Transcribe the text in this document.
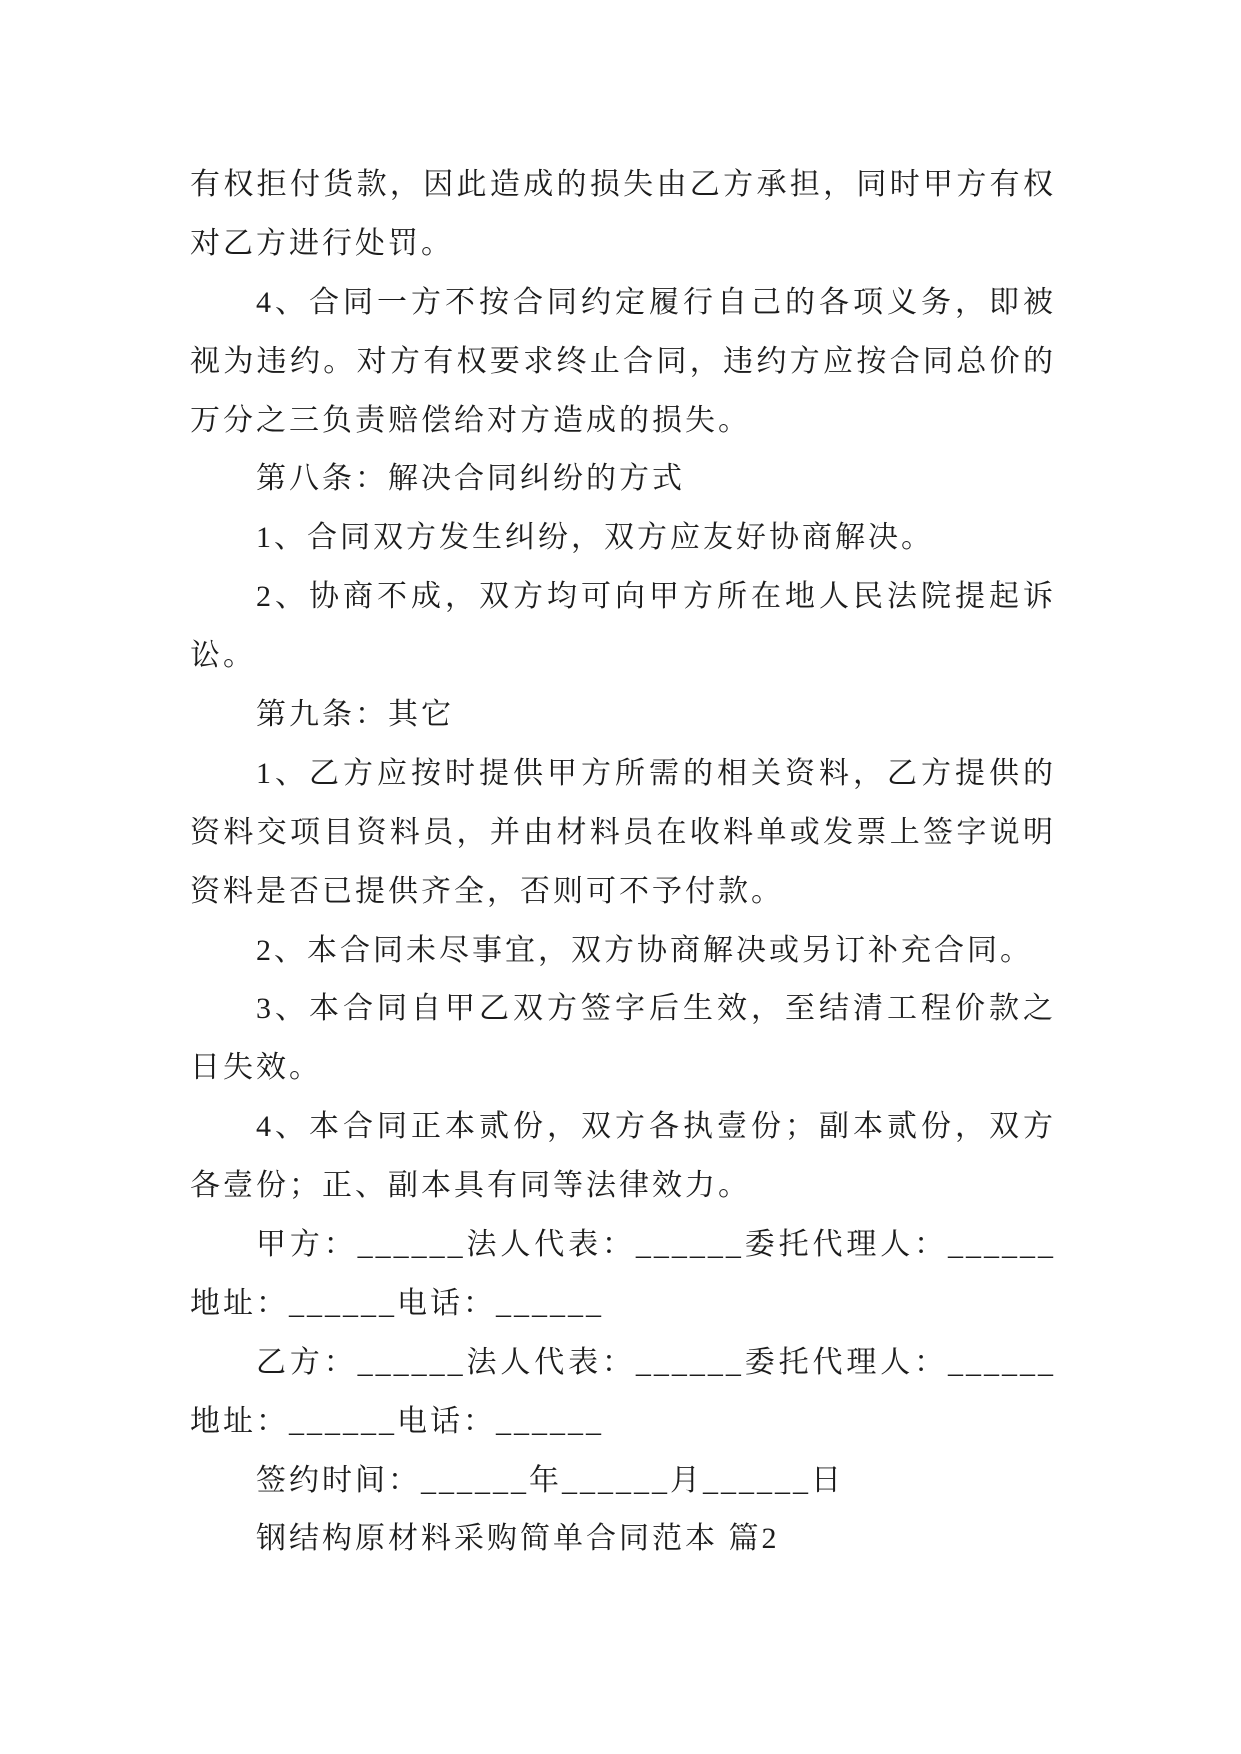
有权拒付货款，因此造成的损失由乙方承担，同时甲方有权
对乙方进行处罚。
4、合同一方不按合同约定履行自己的各项义务，即被
视为违约。对方有权要求终止合同，违约方应按合同总价的
万分之三负责赔偿给对方造成的损失。
第八条：解决合同纠纷的方式
1、合同双方发生纠纷，双方应友好协商解决。
2、协商不成，双方均可向甲方所在地人民法院提起诉
讼。
第九条：其它
1、乙方应按时提供甲方所需的相关资料，乙方提供的
资料交项目资料员，并由材料员在收料单或发票上签字说明
资料是否已提供齐全，否则可不予付款。
2、本合同未尽事宜，双方协商解决或另订补充合同。
3、本合同自甲乙双方签字后生效，至结清工程价款之
日失效。
4、本合同正本贰份，双方各执壹份；副本贰份，双方
各壹份；正、副本具有同等法律效力。
甲方：______法人代表：______委托代理人：______
地址：______电话：______
乙方：______法人代表：______委托代理人：______
地址：______电话：______
签约时间：______年______月______日
钢结构原材料采购简单合同范本 篇2
